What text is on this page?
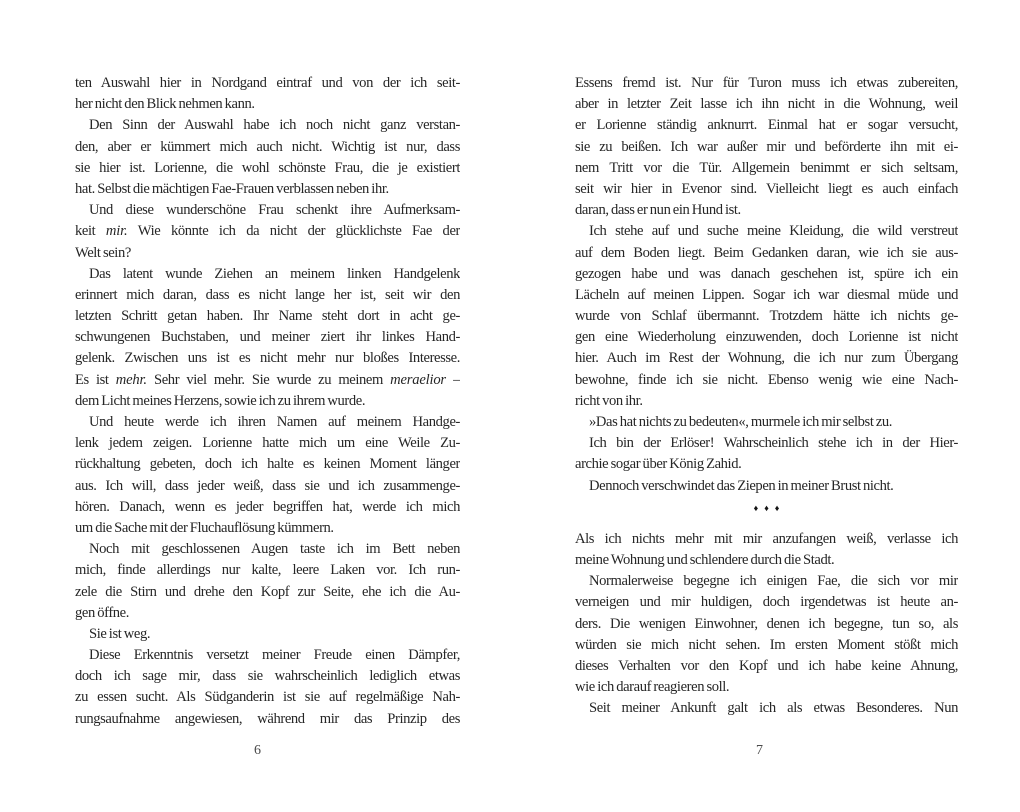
ten Auswahl hier in Nordgand eintraf und von der ich seit-
her nicht den Blick nehmen kann.
Den Sinn der Auswahl habe ich noch nicht ganz verstan-
den, aber er kümmert mich auch nicht. Wichtig ist nur, dass
sie hier ist. Lorienne, die wohl schönste Frau, die je existiert
hat. Selbst die mächtigen Fae-Frauen verblassen neben ihr.
Und diese wunderschöne Frau schenkt ihre Aufmerksam-
keit mir. Wie könnte ich da nicht der glücklichste Fae der
Welt sein?
Das latent wunde Ziehen an meinem linken Handgelenk
erinnert mich daran, dass es nicht lange her ist, seit wir den
letzten Schritt getan haben. Ihr Name steht dort in acht ge-
schwungenen Buchstaben, und meiner ziert ihr linkes Hand-
gelenk. Zwischen uns ist es nicht mehr nur bloßes Interesse.
Es ist mehr. Sehr viel mehr. Sie wurde zu meinem meraelior –
dem Licht meines Herzens, sowie ich zu ihrem wurde.
Und heute werde ich ihren Namen auf meinem Handge-
lenk jedem zeigen. Lorienne hatte mich um eine Weile Zu-
rückhaltung gebeten, doch ich halte es keinen Moment länger
aus. Ich will, dass jeder weiß, dass sie und ich zusammenge-
hören. Danach, wenn es jeder begriffen hat, werde ich mich
um die Sache mit der Fluchauflösung kümmern.
Noch mit geschlossenen Augen taste ich im Bett neben
mich, finde allerdings nur kalte, leere Laken vor. Ich run-
zele die Stirn und drehe den Kopf zur Seite, ehe ich die Au-
gen öffne.
Sie ist weg.
Diese Erkenntnis versetzt meiner Freude einen Dämpfer,
doch ich sage mir, dass sie wahrscheinlich lediglich etwas
zu essen sucht. Als Südganderin ist sie auf regelmäßige Nah-
rungsaufnahme angewiesen, während mir das Prinzip des
Essens fremd ist. Nur für Turon muss ich etwas zubereiten,
aber in letzter Zeit lasse ich ihn nicht in die Wohnung, weil
er Lorienne ständig anknurrt. Einmal hat er sogar versucht,
sie zu beißen. Ich war außer mir und beförderte ihn mit ei-
nem Tritt vor die Tür. Allgemein benimmt er sich seltsam,
seit wir hier in Evenor sind. Vielleicht liegt es auch einfach
daran, dass er nun ein Hund ist.
Ich stehe auf und suche meine Kleidung, die wild verstreut
auf dem Boden liegt. Beim Gedanken daran, wie ich sie aus-
gezogen habe und was danach geschehen ist, spüre ich ein
Lächeln auf meinen Lippen. Sogar ich war diesmal müde und
wurde von Schlaf übermannt. Trotzdem hätte ich nichts ge-
gen eine Wiederholung einzuwenden, doch Lorienne ist nicht
hier. Auch im Rest der Wohnung, die ich nur zum Übergang
bewohne, finde ich sie nicht. Ebenso wenig wie eine Nach-
richt von ihr.
»Das hat nichts zu bedeuten«, murmele ich mir selbst zu.
Ich bin der Erlöser! Wahrscheinlich stehe ich in der Hier-
archie sogar über König Zahid.
Dennoch verschwindet das Ziepen in meiner Brust nicht.
♦♦♦
Als ich nichts mehr mit mir anzufangen weiß, verlasse ich
meine Wohnung und schlendere durch die Stadt.
Normalerweise begegne ich einigen Fae, die sich vor mir
verneigen und mir huldigen, doch irgendetwas ist heute an-
ders. Die wenigen Einwohner, denen ich begegne, tun so, als
würden sie mich nicht sehen. Im ersten Moment stößt mich
dieses Verhalten vor den Kopf und ich habe keine Ahnung,
wie ich darauf reagieren soll.
Seit meiner Ankunft galt ich als etwas Besonderes. Nun
6	7
